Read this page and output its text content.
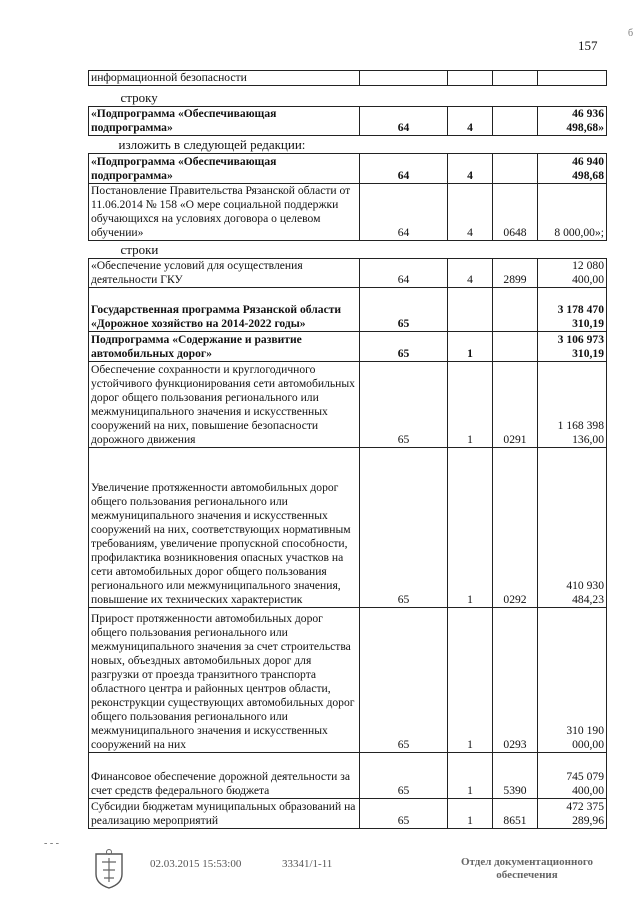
157
б
информационной безопасности				
строку				
«Подпрограмма «Обеспечивающая подпрограмма»	64	4		46 936 498,68»
изложить в следующей редакции:				
«Подпрограмма «Обеспечивающая подпрограмма»	64	4		46 940 498,68
Постановление Правительства Рязанской области от 11.06.2014 № 158 «О мере социальной поддержки обучающихся на условиях договора о целевом обучении»	64	4	0648	8 000,00»;
строки				
«Обеспечение условий для осуществления деятельности ГКУ	64	4	2899	12 080 400,00
Государственная программа Рязанской области «Дорожное хозяйство на 2014-2022 годы»	65			3 178 470 310,19
Подпрограмма «Содержание и развитие автомобильных дорог»	65	1		3 106 973 310,19
Обеспечение сохранности и круглогодичного устойчивого функционирования сети автомобильных дорог общего пользования регионального или межмуниципального значения и искусственных сооружений на них, повышение безопасности дорожного движения	65	1	0291	1 168 398 136,00
Увеличение протяженности автомобильных дорог общего пользования регионального или межмуниципального значения и искусственных сооружений на них, соответствующих нормативным требованиям, увеличение пропускной способности, профилактика возникновения опасных участков на сети автомобильных дорог общего пользования регионального или межмуниципального значения, повышение их технических характеристик	65	1	0292	410 930 484,23
Прирост протяженности автомобильных дорог общего пользования регионального или межмуниципального значения за счет строительства новых, объездных автомобильных дорог для разгрузки от проезда транзитного транспорта областного центра и районных центров области, реконструкции существующих автомобильных дорог общего пользования регионального или межмуниципального значения и искусственных сооружений на них	65	1	0293	310 190 000,00
Финансовое обеспечение дорожной деятельности за счет средств федерального бюджета	65	1	5390	745 079 400,00
Субсидии бюджетам муниципальных образований на реализацию мероприятий	65	1	8651	472 375 289,96
- - -
02.03.2015 15:53:00	33341/1-11	Отдел документационного
обеспечения
